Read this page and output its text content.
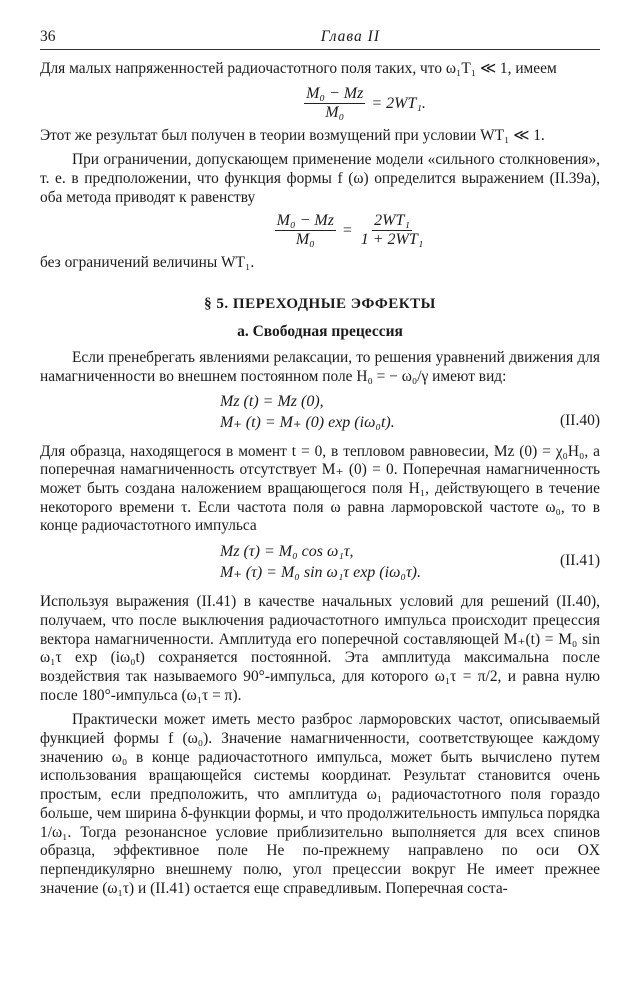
36	Глава II

Для малых напряженностей радиочастотного поля таких, что ω₁T₁ ≪ 1, имеем

$\frac{\text{M₀ − Mz}}{\text{M₀}} = 2WT_1$.

Этот же результат был получен в теории возмущений при условии WT₁ ≪ 1.

При ограничении, допускающем применение модели «сильного столкновения», т. е. в предположении, что функция формы f (ω) определится выражением (II.39a), оба метода приводят к равенству

$\frac{\text{M₀ − Mz}}{\text{M₀}} = \frac{\text{2WT₁}}{\text{1 + 2WT₁}}$

без ограничений величины WT₁.

§ 5. ПЕРЕХОДНЫЕ ЭФФЕКТЫ

а. Свободная прецессия

Если пренебрегать явлениями релаксации, то решения уравнений движения для намагниченности во внешнем постоянном поле H₀ = − ω₀/γ имеют вид:

Mz (t) = Mz (0),
M₊ (t) = M₊ (0) exp (iω₀t).	(II.40)

Для образца, находящегося в момент t = 0, в тепловом равновесии, Mz (0) = χ₀H₀, а поперечная намагниченность отсутствует M₊ (0) = 0. Поперечная намагниченность может быть создана наложением вращающегося поля H₁, действующего в течение некоторого времени τ. Если частота поля ω равна ларморовской частоте ω₀, то в конце радиочастотного импульса

Mz (τ) = M₀ cos ω₁τ,
M₊ (τ) = M₀ sin ω₁τ exp (iω₀τ).
(II.41)

Используя выражения (II.41) в качестве начальных условий для решений (II.40), получаем, что после выключения радиочастотного импульса происходит прецессия вектора намагниченности. Амплитуда его поперечной составляющей M₊(t) = M₀ sin ω₁τ exp (iω₀t) сохраняется постоянной. Эта амплитуда максимальна после воздействия так называемого 90°-импульса, для которого ω₁τ = π/2, и равна нулю после 180°-импульса (ω₁τ = π).

Практически может иметь место разброс ларморовских частот, описываемый функцией формы f (ω₀). Значение намагниченности, соответствующее каждому значению ω₀ в конце радиочастотного импульса, может быть вычислено путем использования вращающейся системы координат. Результат становится очень простым, если предположить, что амплитуда ω₁ радиочастотного поля гораздо больше, чем ширина δ-функции формы, и что продолжительность импульса порядка 1/ω₁. Тогда резонансное условие приблизительно выполняется для всех спинов образца, эффективное поле He по-прежнему направлено по оси OX перпендикулярно внешнему полю, угол прецессии вокруг He имеет прежнее значение (ω₁τ) и (II.41) остается еще справедливым. Поперечная соста-
